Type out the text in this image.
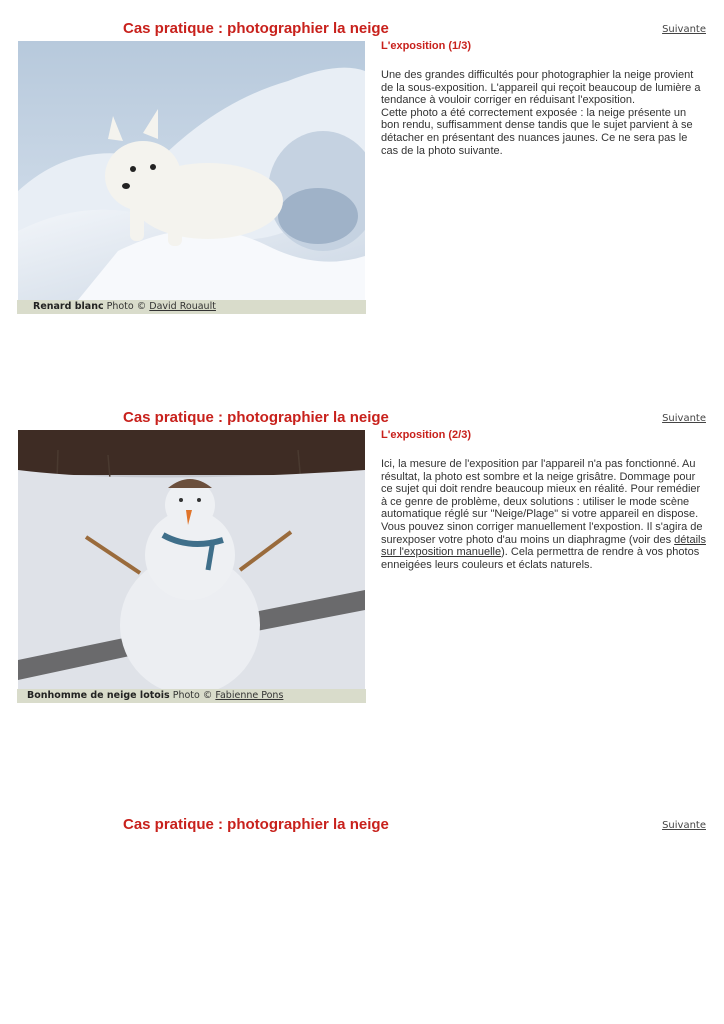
Cas pratique : photographier la neige	Suivante
Renard blanc Photo © David Rouault
L'exposition (1/3)

Une des grandes difficultés pour photographier la neige provient de la sous-exposition. L'appareil qui reçoit beaucoup de lumière a tendance à vouloir corriger en réduisant l'exposition.

Cette photo a été correctement exposée : la neige présente un bon rendu, suffisamment dense tandis que le sujet parvient à se détacher en présentant des nuances jaunes. Ce ne sera pas le cas de la photo suivante.

Cas pratique : photographier la neige	Suivante
Bonhomme de neige lotois Photo © Fabienne Pons
L'exposition (2/3)

Ici, la mesure de l'exposition par l'appareil n'a pas fonctionné. Au résultat, la photo est sombre et la neige grisâtre. Dommage pour ce sujet qui doit rendre beaucoup mieux en réalité. Pour remédier à ce genre de problème, deux solutions : utiliser le mode scène automatique réglé sur "Neige/Plage" si votre appareil en dispose. Vous pouvez sinon corriger manuellement l'expostion. Il s'agira de surexposer votre photo d'au moins un diaphragme (voir des détails sur l'exposition manuelle). Cela permettra de rendre à vos photos enneigées leurs couleurs et éclats naturels.

Cas pratique : photographier la neige	Suivante
